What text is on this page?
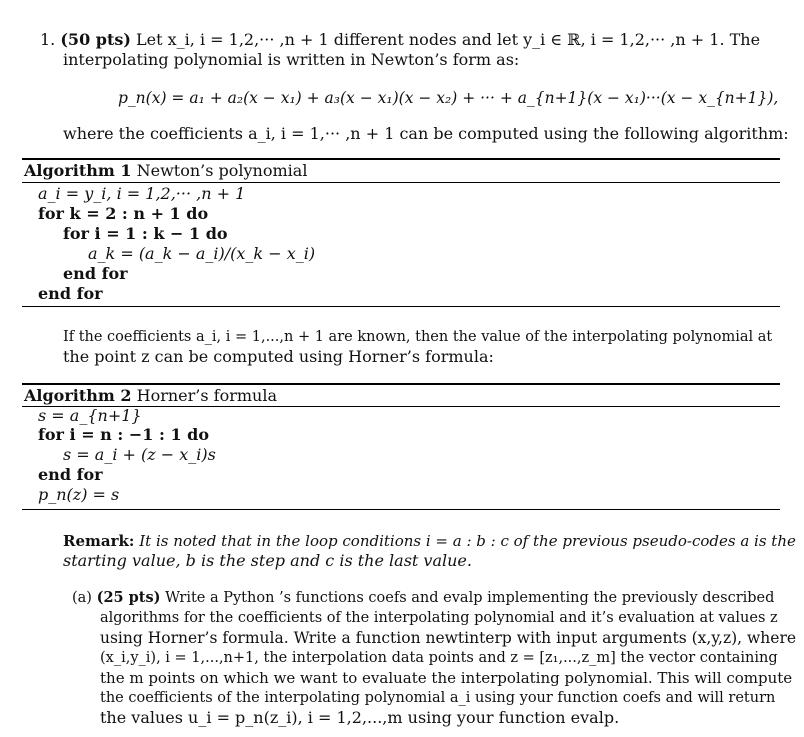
1. (50 pts) Let x_i, i = 1,2,··· ,n + 1 different nodes and let y_i ∈ ℝ, i = 1,2,··· ,n + 1. The
interpolating polynomial is written in Newton’s form as:
p_n(x) = a₁ + a₂(x − x₁) + a₃(x − x₁)(x − x₂) + ··· + a_{n+1}(x − x₁)···(x − x_{n+1}),
where the coefficients a_i, i = 1,··· ,n + 1 can be computed using the following algorithm:
Algorithm 1 Newton’s polynomial
a_i = y_i, i = 1,2,··· ,n + 1
for k = 2 : n + 1 do
for i = 1 : k − 1 do
a_k = (a_k − a_i)/(x_k − x_i)
end for
end for
If the coefficients a_i, i = 1,...,n + 1 are known, then the value of the interpolating polynomial at
the point z can be computed using Horner’s formula:
Algorithm 2 Horner’s formula
s = a_{n+1}
for i = n : −1 : 1 do
s = a_i + (z − x_i)s
end for
p_n(z) = s
Remark: It is noted that in the loop conditions i = a : b : c of the previous pseudo-codes a is the
starting value, b is the step and c is the last value.
(a) (25 pts) Write a Python ’s functions coefs and evalp implementing the previously described
algorithms for the coefficients of the interpolating polynomial and it’s evaluation at values z
using Horner’s formula. Write a function newtinterp with input arguments (x,y,z), where
(x_i,y_i), i = 1,...,n+1, the interpolation data points and z = [z₁,...,z_m] the vector containing
the m points on which we want to evaluate the interpolating polynomial. This will compute
the coefficients of the interpolating polynomial a_i using your function coefs and will return
the values u_i = p_n(z_i), i = 1,2,...,m using your function evalp.
